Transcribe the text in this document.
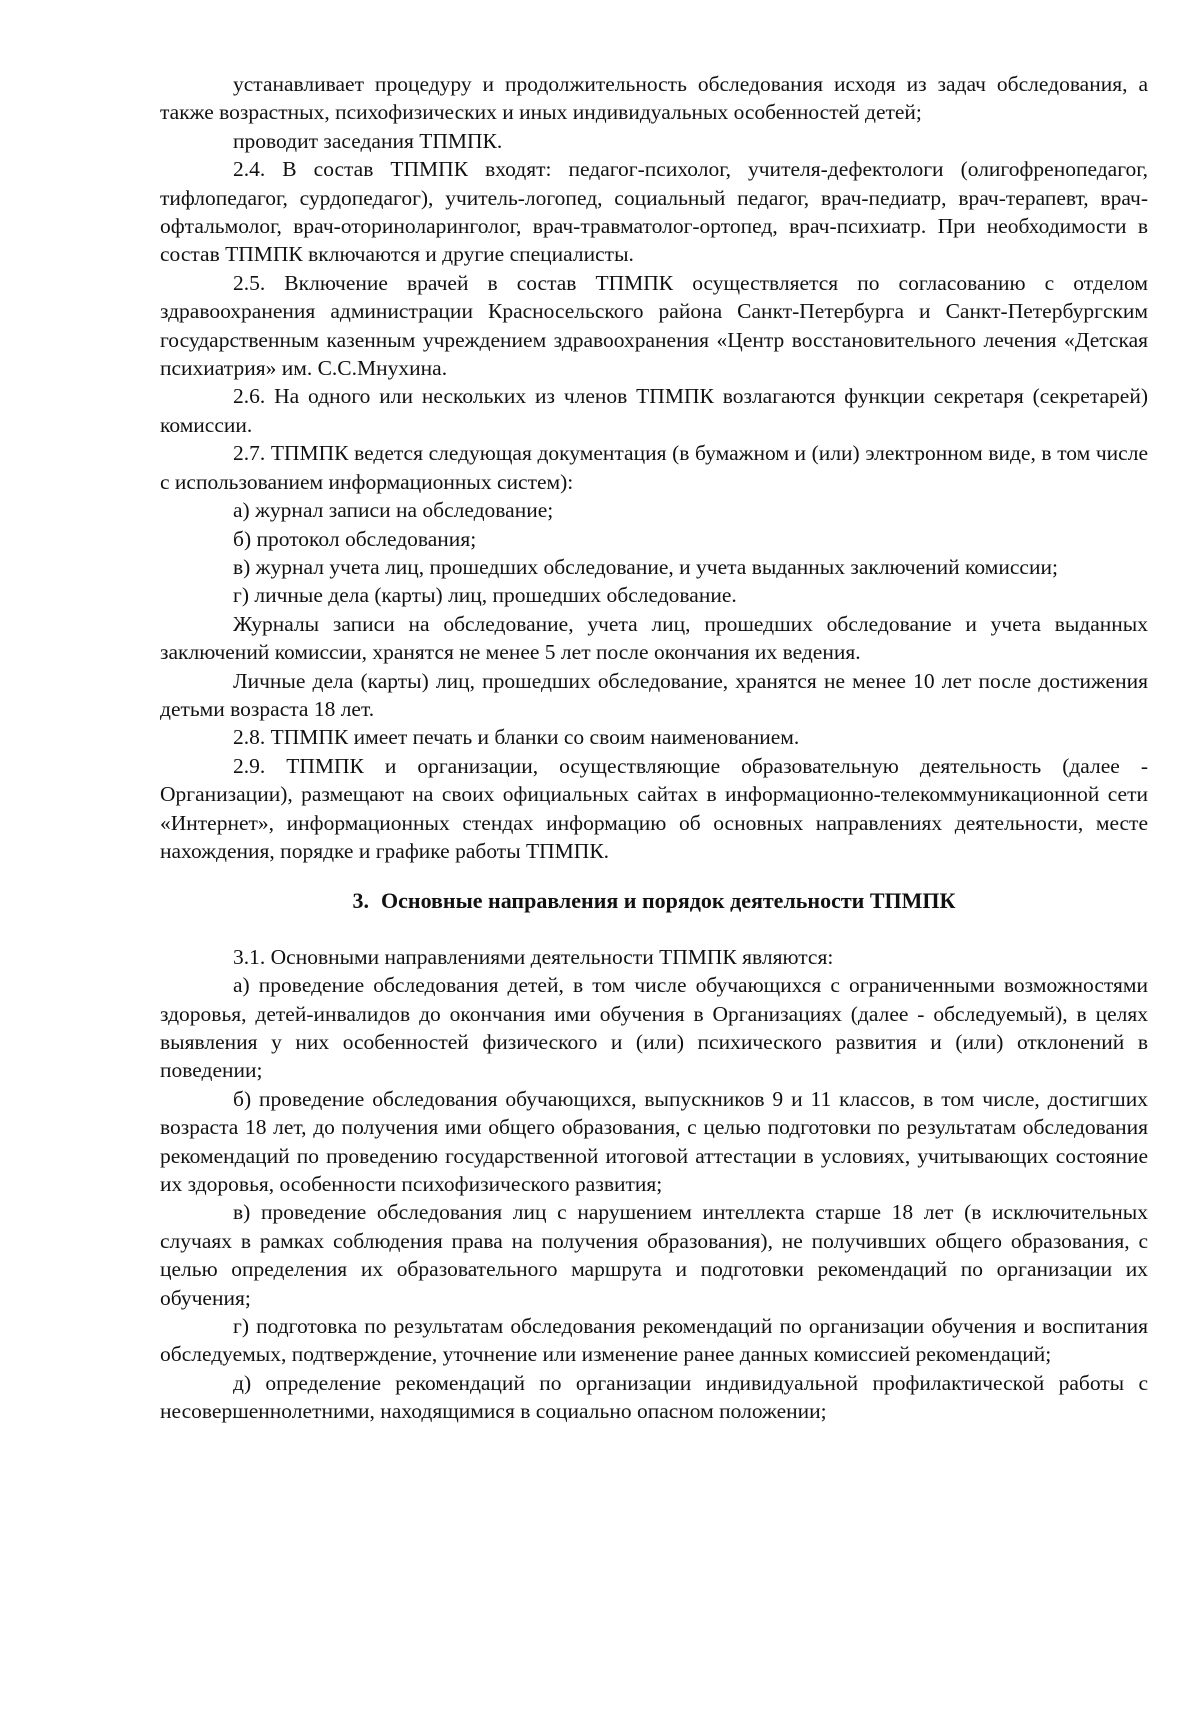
устанавливает процедуру и продолжительность обследования исходя из задач обследования, а также возрастных, психофизических и иных индивидуальных особенностей детей;

проводит заседания ТПМПК.

2.4. В состав ТПМПК входят: педагог-психолог, учителя-дефектологи (олигофренопедагог, тифлопедагог, сурдопедагог), учитель-логопед, социальный педагог, врач-педиатр, врач-терапевт, врач-офтальмолог, врач-оториноларинголог, врач-травматолог-ортопед, врач-психиатр. При необходимости в состав ТПМПК включаются и другие специалисты.

2.5. Включение врачей в состав ТПМПК осуществляется по согласованию с отделом здравоохранения администрации Красносельского района Санкт-Петербурга и Санкт-Петербургским государственным казенным учреждением здравоохранения «Центр восстановительного лечения «Детская психиатрия» им. С.С.Мнухина.

2.6. На одного или нескольких из членов ТПМПК возлагаются функции секретаря (секретарей) комиссии.

2.7. ТПМПК ведется следующая документация (в бумажном и (или) электронном виде, в том числе с использованием информационных систем):

а) журнал записи на обследование;

б) протокол обследования;

в) журнал учета лиц, прошедших обследование, и учета выданных заключений комиссии;

г) личные дела (карты) лиц, прошедших обследование.

Журналы записи на обследование, учета лиц, прошедших обследование и учета выданных заключений комиссии, хранятся не менее 5 лет после окончания их ведения.

Личные дела (карты) лиц, прошедших обследование, хранятся не менее 10 лет после достижения детьми возраста 18 лет.

2.8. ТПМПК имеет печать и бланки со своим наименованием.

2.9. ТПМПК и организации, осуществляющие образовательную деятельность (далее - Организации), размещают на своих официальных сайтах в информационно-телекоммуникационной сети «Интернет», информационных стендах информацию об основных направлениях деятельности, месте нахождения, порядке и графике работы ТПМПК.

3. Основные направления и порядок деятельности ТПМПК

3.1. Основными направлениями деятельности ТПМПК являются:

а) проведение обследования детей, в том числе обучающихся с ограниченными возможностями здоровья, детей-инвалидов до окончания ими обучения в Организациях (далее - обследуемый), в целях выявления у них особенностей физического и (или) психического развития и (или) отклонений в поведении;

б) проведение обследования обучающихся, выпускников 9 и 11 классов, в том числе, достигших возраста 18 лет, до получения ими общего образования, с целью подготовки по результатам обследования рекомендаций по проведению государственной итоговой аттестации в условиях, учитывающих состояние их здоровья, особенности психофизического развития;

в) проведение обследования лиц с нарушением интеллекта старше 18 лет (в исключительных случаях в рамках соблюдения права на получения образования), не получивших общего образования, с целью определения их образовательного маршрута и подготовки рекомендаций по организации их обучения;

г) подготовка по результатам обследования рекомендаций по организации обучения и воспитания обследуемых, подтверждение, уточнение или изменение ранее данных комиссией рекомендаций;

д) определение рекомендаций по организации индивидуальной профилактической работы с несовершеннолетними, находящимися в социально опасном положении;
